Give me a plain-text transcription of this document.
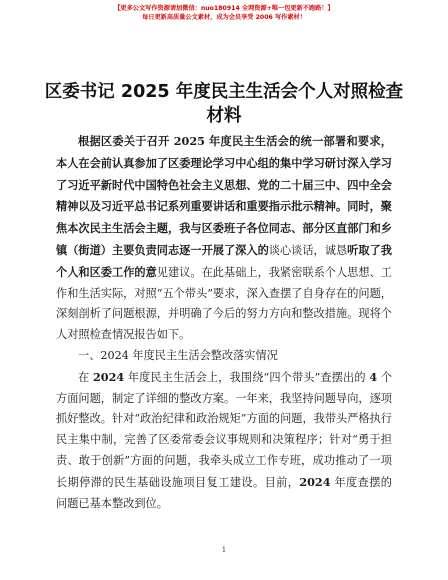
【更多公文写作资源请加微信：nuo180914 全网资源+唯一包更新不跑路！】
每日更新高质量公文素材，成为会员享受 2006 写作素材！
区委书记 2025 年度民主生活会个人对照检查材料

根据区委关于召开 2025 年度民主生活会的统一部署和要求，本人在会前认真参加了区委理论学习中心组的集中学习研讨深入学习了习近平新时代中国特色社会主义思想、党的二十届三中、四中全会精神以及习近平总书记系列重要讲话和重要指示批示精神。同时，聚焦本次民主生活会主题，我与区委班子各位同志、部分区直部门和乡镇（街道）主要负责同志逐一开展了深入的谈心谈话，诚恳听取了我个人和区委工作的意见建议。在此基础上，我紧密联系个人思想、工作和生活实际，对照“五个带头”要求，深入查摆了自身存在的问题，深刻剖析了问题根源，并明确了今后的努力方向和整改措施。现将个人对照检查情况报告如下。

一、2024 年度民主生活会整改落实情况

在 2024 年度民主生活会上，我围绕“四个带头”查摆出的 4 个方面问题，制定了详细的整改方案。一年来，我坚持问题导向，逐项抓好整改。针对“政治纪律和政治规矩”方面的问题，我带头严格执行民主集中制，完善了区委常委会议事规则和决策程序；针对“勇于担责、敢于创新”方面的问题，我牵头成立工作专班，成功推动了一项长期停滞的民生基础设施项目复工建设。目前，2024 年度查摆的问题已基本整改到位。

1
